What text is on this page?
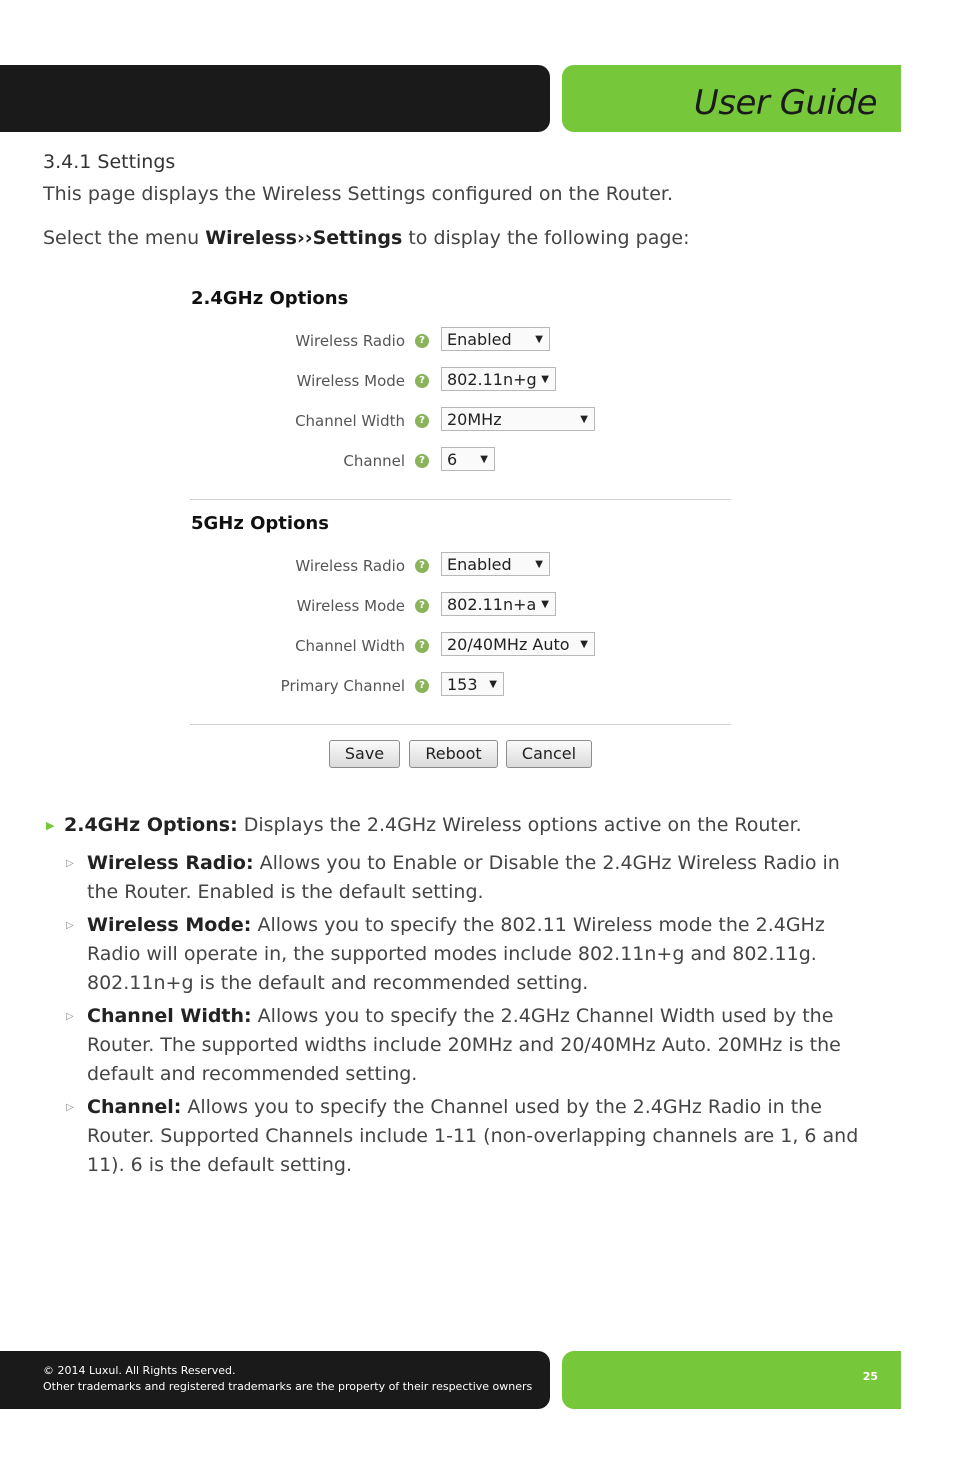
User Guide
3.4.1 Settings
This page displays the Wireless Settings configured on the Router.
Select the menu Wireless››Settings to display the following page:
2.4GHz Options
Wireless Radio	? Enabled ▼
Wireless Mode	? 802.11n+g ▼
Channel Width	? 20MHz	▼
Channel	? 6 ▼
5GHz Options
Wireless Radio	? Enabled ▼
Wireless Mode	? 802.11n+a ▼
Channel Width	? 20/40MHz Auto ▼
Primary Channel	? 153 ▼
Save	Reboot	Cancel
▶ 2.4GHz Options: Displays the 2.4GHz Wireless options active on the Router.
▷ Wireless Radio: Allows you to Enable or Disable the 2.4GHz Wireless Radio in the Router. Enabled is the default setting.
▷ Wireless Mode: Allows you to specify the 802.11 Wireless mode the 2.4GHz Radio will operate in, the supported modes include 802.11n+g and 802.11g. 802.11n+g is the default and recommended setting.
▷ Channel Width: Allows you to specify the 2.4GHz Channel Width used by the Router. The supported widths include 20MHz and 20/40MHz Auto. 20MHz is the default and recommended setting.
▷ Channel: Allows you to specify the Channel used by the 2.4GHz Radio in the Router. Supported Channels include 1-11 (non-overlapping channels are 1, 6 and 11). 6 is the default setting.
© 2014 Luxul. All Rights Reserved.
Other trademarks and registered trademarks are the property of their respective owners
25
